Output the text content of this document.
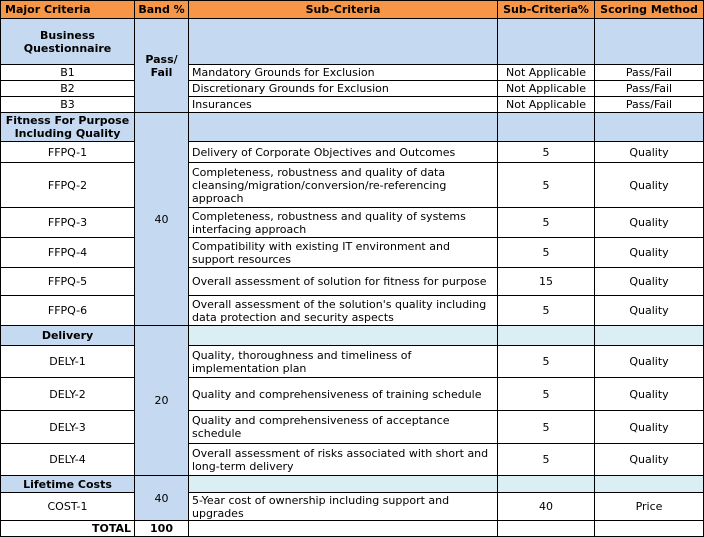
Major Criteria	Band %	Sub-Criteria	Sub-Criteria%	Scoring Method
Business Questionnaire	Pass/ Fail			
B1		Mandatory Grounds for Exclusion	Not Applicable	Pass/Fail
B2		Discretionary Grounds for Exclusion	Not Applicable	Pass/Fail
B3		Insurances	Not Applicable	Pass/Fail
Fitness For Purpose Including Quality	40			
FFPQ-1		Delivery of Corporate Objectives and Outcomes	5	Quality
FFPQ-2		Completeness, robustness and quality of data cleansing/migration/conversion/re-referencing approach	5	Quality
FFPQ-3		Completeness, robustness and quality of systems interfacing approach	5	Quality
FFPQ-4		Compatibility with existing IT environment and support resources	5	Quality
FFPQ-5		Overall assessment of solution for fitness for purpose	15	Quality
FFPQ-6		Overall assessment of the solution's quality including data protection and security aspects	5	Quality
Delivery	20			
DELY-1		Quality, thoroughness and timeliness of implementation plan	5	Quality
DELY-2		Quality and comprehensiveness of training schedule	5	Quality
DELY-3		Quality and comprehensiveness of acceptance schedule	5	Quality
DELY-4		Overall assessment of risks associated with short and long-term delivery	5	Quality
Lifetime Costs	40			
COST-1		5-Year cost of ownership including support and upgrades	40	Price
TOTAL	100			
